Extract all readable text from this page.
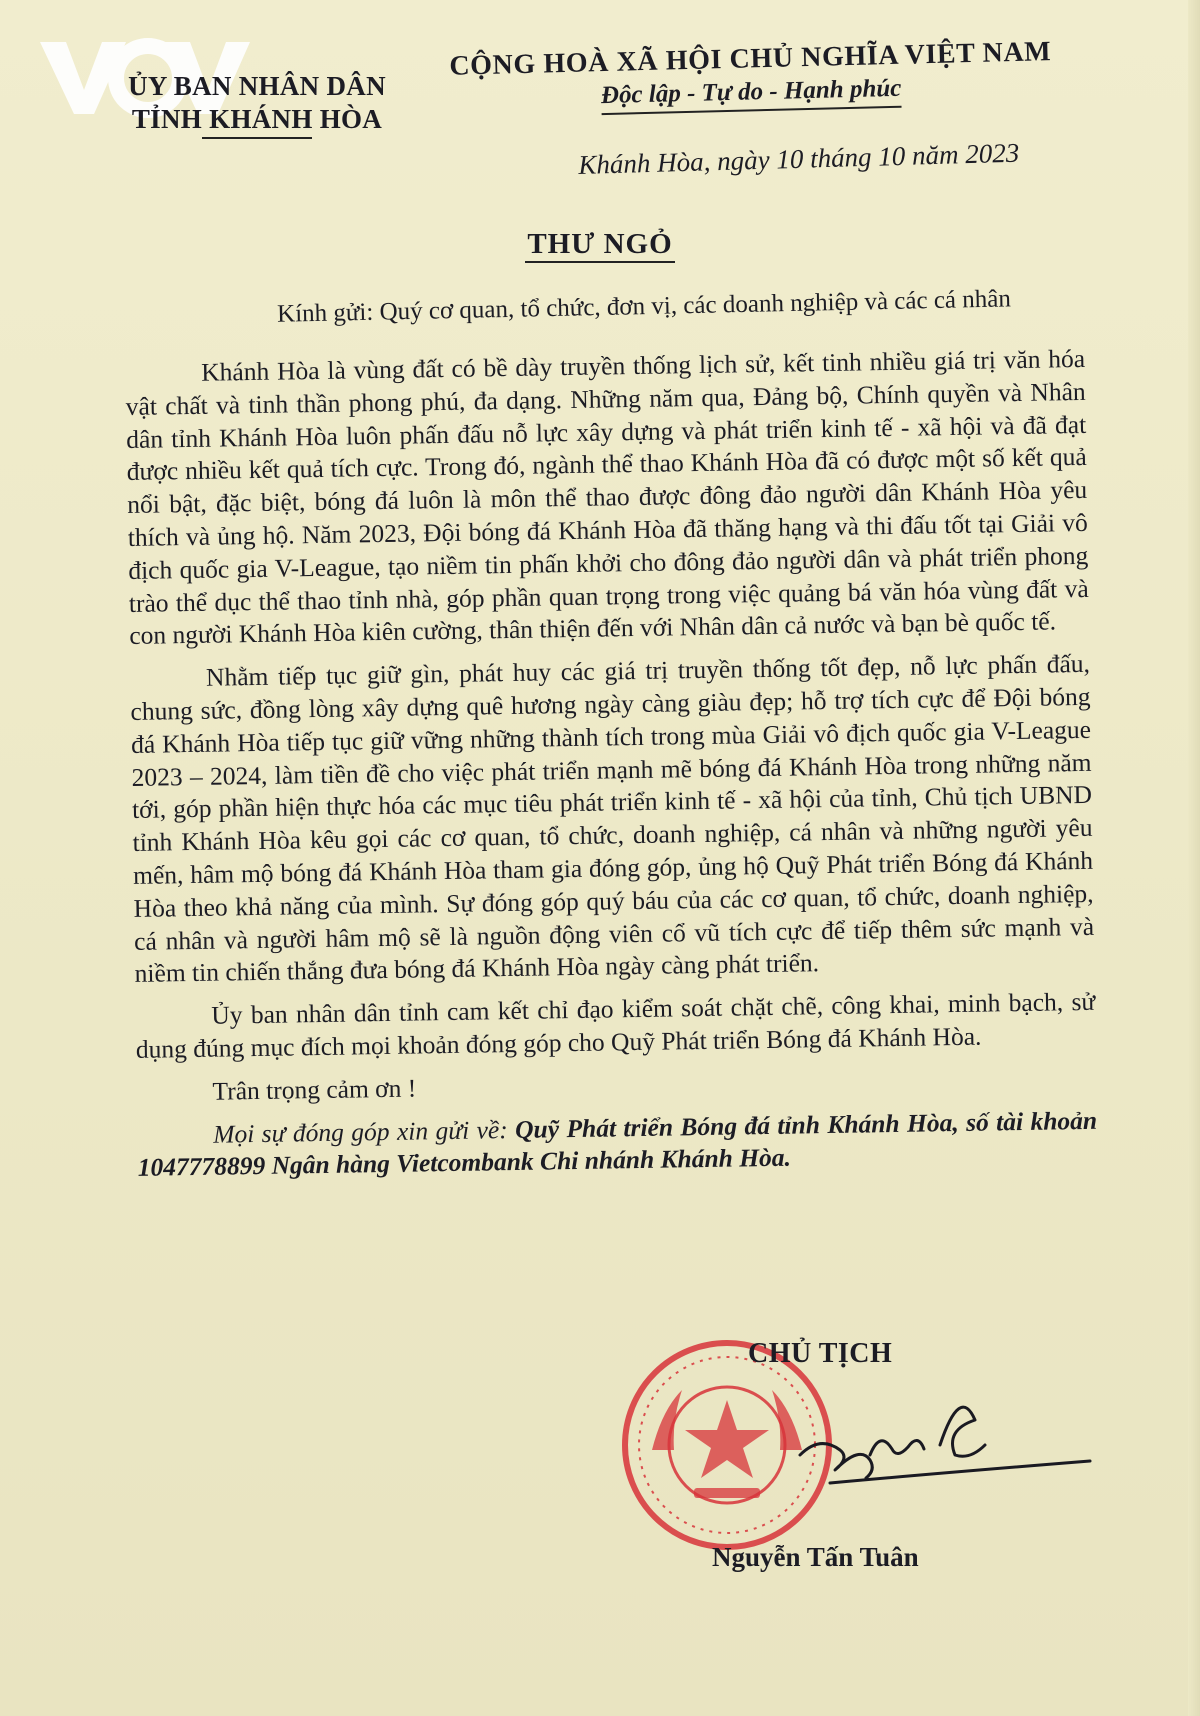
ỦY BAN NHÂN DÂN
TỈNH KHÁNH HÒA
CỘNG HOÀ XÃ HỘI CHỦ NGHĨA VIỆT NAM
Độc lập - Tự do - Hạnh phúc
Khánh Hòa, ngày 10 tháng 10 năm 2023
THƯ NGỎ
Kính gửi: Quý cơ quan, tổ chức, đơn vị, các doanh nghiệp và các cá nhân

Khánh Hòa là vùng đất có bề dày truyền thống lịch sử, kết tinh nhiều giá trị văn hóa vật chất và tinh thần phong phú, đa dạng. Những năm qua, Đảng bộ, Chính quyền và Nhân dân tỉnh Khánh Hòa luôn phấn đấu nỗ lực xây dựng và phát triển kinh tế - xã hội và đã đạt được nhiều kết quả tích cực. Trong đó, ngành thể thao Khánh Hòa đã có được một số kết quả nổi bật, đặc biệt, bóng đá luôn là môn thể thao được đông đảo người dân Khánh Hòa yêu thích và ủng hộ. Năm 2023, Đội bóng đá Khánh Hòa đã thăng hạng và thi đấu tốt tại Giải vô địch quốc gia V-League, tạo niềm tin phấn khởi cho đông đảo người dân và phát triển phong trào thể dục thể thao tỉnh nhà, góp phần quan trọng trong việc quảng bá văn hóa vùng đất và con người Khánh Hòa kiên cường, thân thiện đến với Nhân dân cả nước và bạn bè quốc tế.

Nhằm tiếp tục giữ gìn, phát huy các giá trị truyền thống tốt đẹp, nỗ lực phấn đấu, chung sức, đồng lòng xây dựng quê hương ngày càng giàu đẹp; hỗ trợ tích cực để Đội bóng đá Khánh Hòa tiếp tục giữ vững những thành tích trong mùa Giải vô địch quốc gia V-League 2023 – 2024, làm tiền đề cho việc phát triển mạnh mẽ bóng đá Khánh Hòa trong những năm tới, góp phần hiện thực hóa các mục tiêu phát triển kinh tế - xã hội của tỉnh, Chủ tịch UBND tỉnh Khánh Hòa kêu gọi các cơ quan, tổ chức, doanh nghiệp, cá nhân và những người yêu mến, hâm mộ bóng đá Khánh Hòa tham gia đóng góp, ủng hộ Quỹ Phát triển Bóng đá Khánh Hòa theo khả năng của mình. Sự đóng góp quý báu của các cơ quan, tổ chức, doanh nghiệp, cá nhân và người hâm mộ sẽ là nguồn động viên cổ vũ tích cực để tiếp thêm sức mạnh và niềm tin chiến thắng đưa bóng đá Khánh Hòa ngày càng phát triển.

Ủy ban nhân dân tỉnh cam kết chỉ đạo kiểm soát chặt chẽ, công khai, minh bạch, sử dụng đúng mục đích mọi khoản đóng góp cho Quỹ Phát triển Bóng đá Khánh Hòa.

Trân trọng cảm ơn !

Mọi sự đóng góp xin gửi về: Quỹ Phát triển Bóng đá tỉnh Khánh Hòa, số tài khoản 1047778899 Ngân hàng Vietcombank Chi nhánh Khánh Hòa.

CHỦ TỊCH
Nguyễn Tấn Tuân
